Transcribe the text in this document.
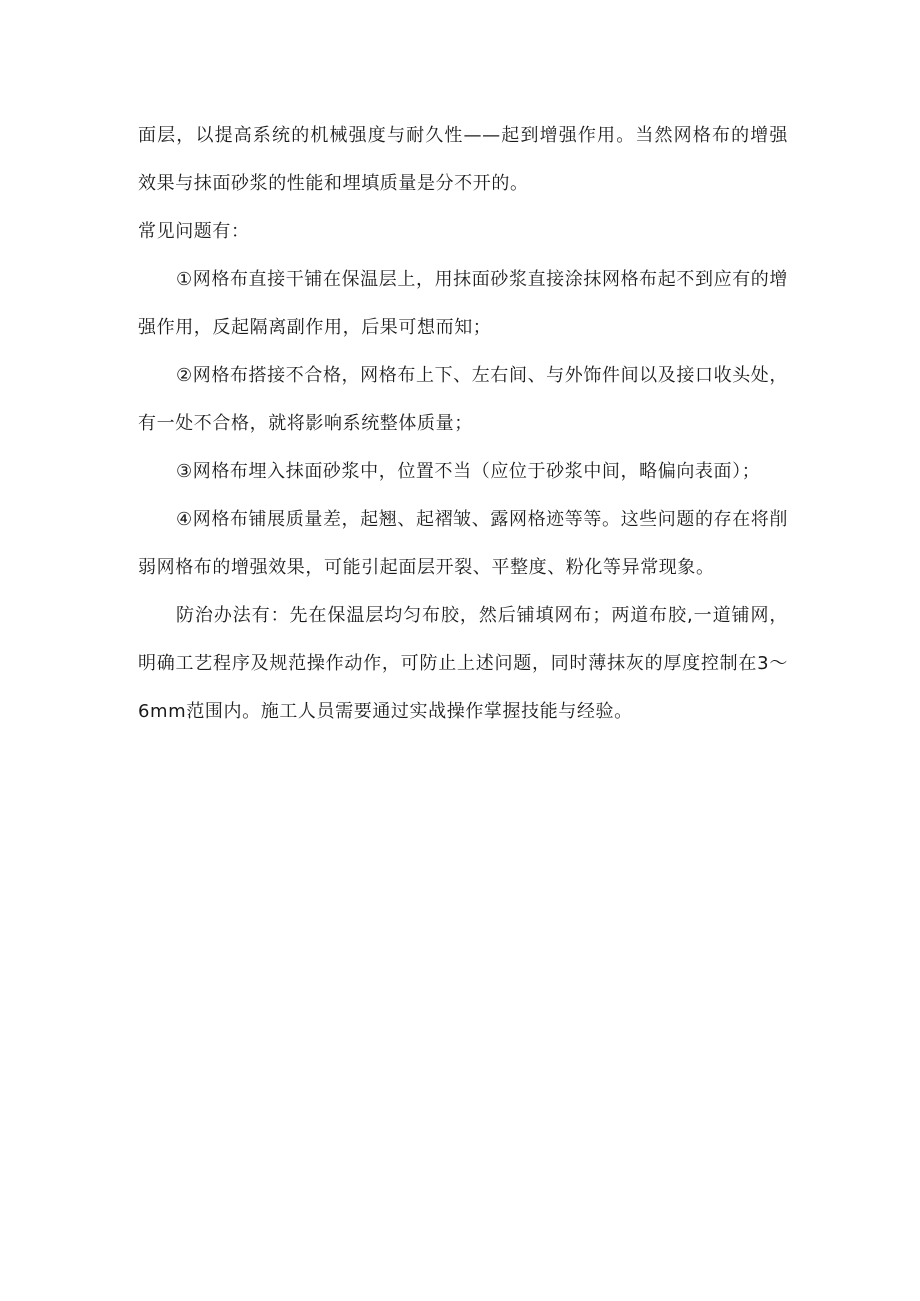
面层，以提高系统的机械强度与耐久性——起到增强作用。当然网格布的增强效果与抹面砂浆的性能和埋填质量是分不开的。

常见问题有：

①网格布直接干铺在保温层上，用抹面砂浆直接涂抹网格布起不到应有的增强作用，反起隔离副作用，后果可想而知；

②网格布搭接不合格，网格布上下、左右间、与外饰件间以及接口收头处，有一处不合格，就将影响系统整体质量；

③网格布埋入抹面砂浆中，位置不当（应位于砂浆中间，略偏向表面）；

④网格布铺展质量差，起翘、起褶皱、露网格迹等等。这些问题的存在将削弱网格布的增强效果，可能引起面层开裂、平整度、粉化等异常现象。

防治办法有：先在保温层均匀布胶，然后铺填网布；两道布胶,一道铺网，明确工艺程序及规范操作动作，可防止上述问题，同时薄抹灰的厚度控制在3～6mm范围内。施工人员需要通过实战操作掌握技能与经验。
